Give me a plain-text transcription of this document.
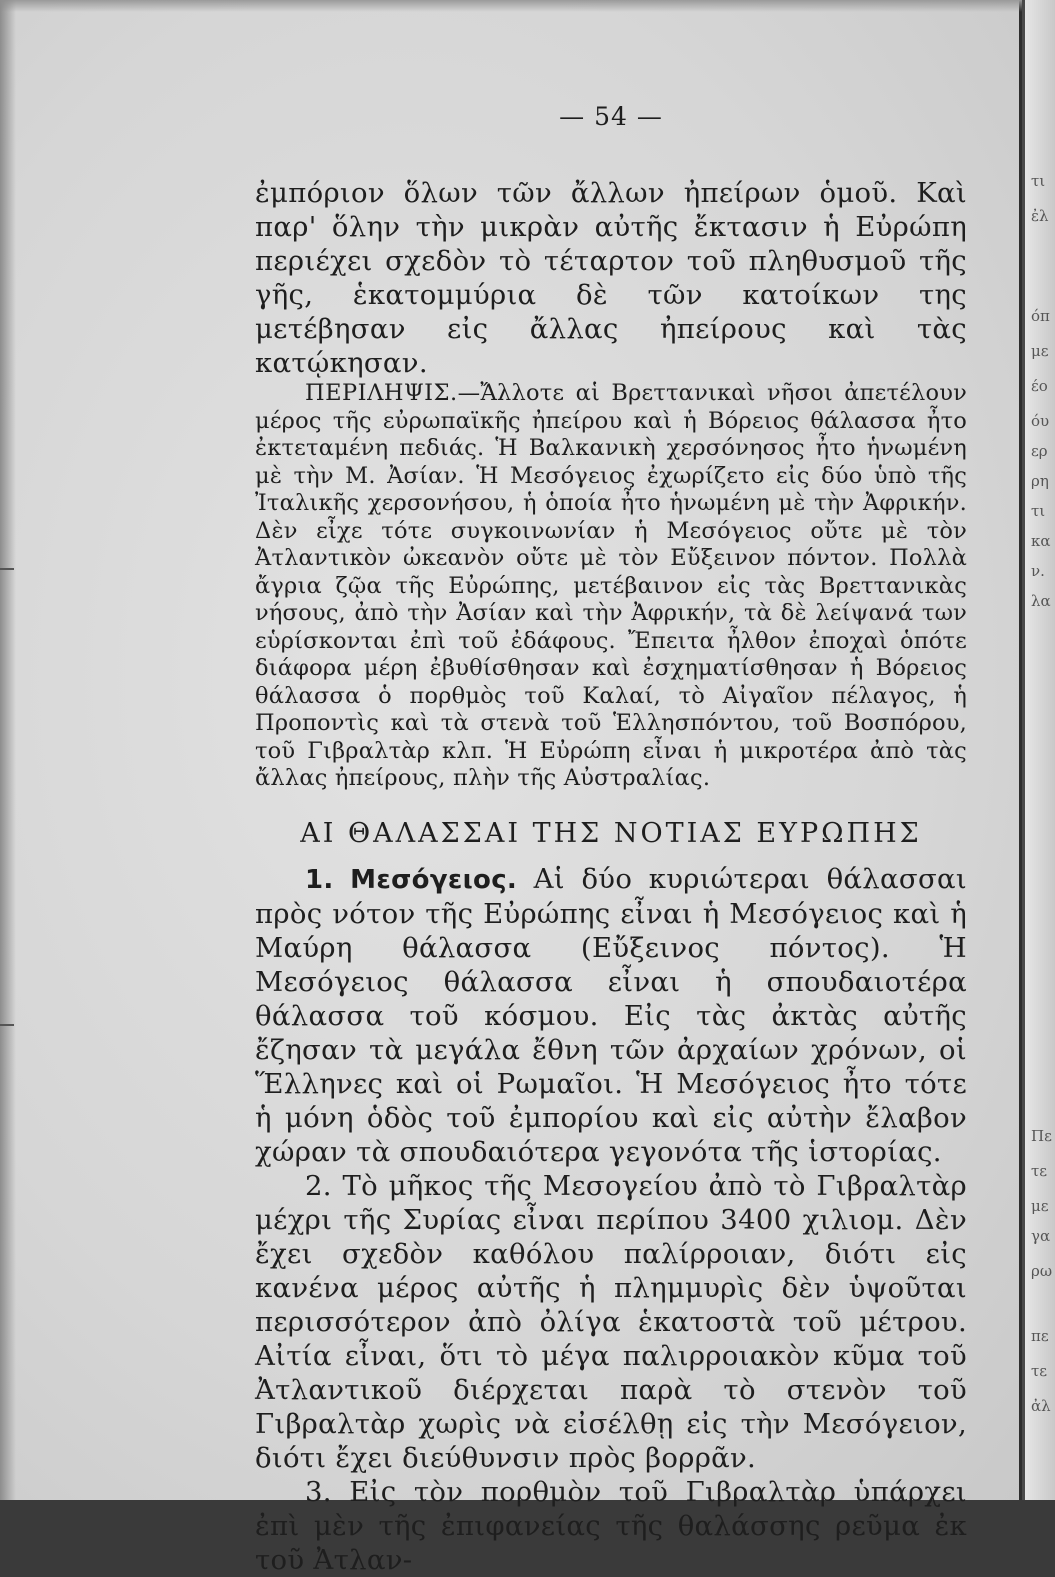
— 54 —

ἐμπόριον ὅλων τῶν ἄλλων ἠπείρων ὁμοῦ. Καὶ παρ' ὅλην τὴν μικρὰν αὐτῆς ἔκτασιν ἡ Εὐρώπη περιέχει σχεδὸν τὸ τέταρτον τοῦ πληθυσμοῦ τῆς γῆς, ἑκατομμύρια δὲ τῶν κατοίκων της μετέβησαν εἰς ἄλλας ἠπείρους καὶ τὰς κατῴκησαν.

ΠΕΡΙΛΗΨΙΣ.—Ἄλλοτε αἱ Βρεττανικαὶ νῆσοι ἀπετέλουν μέρος τῆς εὐρωπαϊκῆς ἠπείρου καὶ ἡ Βόρειος θάλασσα ἦτο ἐκτεταμένη πεδιάς. Ἡ Βαλκανικὴ χερσόνησος ἦτο ἡνωμένη μὲ τὴν Μ. Ἀσίαν. Ἡ Μεσόγειος ἐχωρίζετο εἰς δύο ὑπὸ τῆς Ἰταλικῆς χερσονήσου, ἡ ὁποία ἦτο ἡνωμένη μὲ τὴν Ἀφρικήν. Δὲν εἶχε τότε συγκοινωνίαν ἡ Μεσόγειος οὔτε μὲ τὸν Ἀτλαντικὸν ὠκεανὸν οὔτε μὲ τὸν Εὔξεινον πόντον. Πολλὰ ἄγρια ζῷα τῆς Εὐρώπης, μετέβαινον εἰς τὰς Βρεττανικὰς νήσους, ἀπὸ τὴν Ἀσίαν καὶ τὴν Ἀφρικήν, τὰ δὲ λείψανά των εὑρίσκονται ἐπὶ τοῦ ἐδάφους. Ἔπειτα ἦλθον ἐποχαὶ ὁπότε διάφορα μέρη ἐβυθίσθησαν καὶ ἐσχηματίσθησαν ἡ Βόρειος θάλασσα ὁ πορθμὸς τοῦ Καλαί, τὸ Αἰγαῖον πέλαγος, ἡ Προποντὶς καὶ τὰ στενὰ τοῦ Ἑλλησπόντου, τοῦ Βοσπόρου, τοῦ Γιβραλτὰρ κλπ. Ἡ Εὐρώπη εἶναι ἡ μικροτέρα ἀπὸ τὰς ἄλλας ἠπείρους, πλὴν τῆς Αὐστραλίας.

ΑΙ ΘΑΛΑΣΣΑΙ ΤΗΣ ΝΟΤΙΑΣ ΕΥΡΩΠΗΣ

1. Μεσόγειος. Αἱ δύο κυριώτεραι θάλασσαι πρὸς νότον τῆς Εὐρώπης εἶναι ἡ Μεσόγειος καὶ ἡ Μαύρη θάλασσα (Εὔξεινος πόντος). Ἡ Μεσόγειος θάλασσα εἶναι ἡ σπουδαιοτέρα θάλασσα τοῦ κόσμου. Εἰς τὰς ἀκτὰς αὐτῆς ἔζησαν τὰ μεγάλα ἔθνη τῶν ἀρχαίων χρόνων, οἱ Ἕλληνες καὶ οἱ Ρωμαῖοι. Ἡ Μεσόγειος ἦτο τότε ἡ μόνη ὁδὸς τοῦ ἐμπορίου καὶ εἰς αὐτὴν ἔλαβον χώραν τὰ σπουδαιότερα γεγονότα τῆς ἱστορίας.

2. Τὸ μῆκος τῆς Μεσογείου ἀπὸ τὸ Γιβραλτὰρ μέχρι τῆς Συρίας εἶναι περίπου 3400 χιλιομ. Δὲν ἔχει σχεδὸν καθόλου παλίρροιαν, διότι εἰς κανένα μέρος αὐτῆς ἡ πλημμυρὶς δὲν ὑψοῦται περισσότερον ἀπὸ ὀλίγα ἑκατοστὰ τοῦ μέτρου. Αἰτία εἶναι, ὅτι τὸ μέγα παλιρροιακὸν κῦμα τοῦ Ἀτλαντικοῦ διέρχεται παρὰ τὸ στενὸν τοῦ Γιβραλτὰρ χωρὶς νὰ εἰσέλθῃ εἰς τὴν Μεσόγειον, διότι ἔχει διεύθυνσιν πρὸς βορρᾶν.

3. Εἰς τὸν πορθμὸν τοῦ Γιβραλτὰρ ὑπάρχει ἐπὶ μὲν τῆς ἐπιφανείας τῆς θαλάσσης ρεῦμα ἐκ τοῦ Ἀτλαν-

τι
ἐλ
όπ
με
έο
όυ
ερ
ρη
τι
κα
ν.
λα
Πε
τε
με
γα
ρω
πε
τε
ἀλ
